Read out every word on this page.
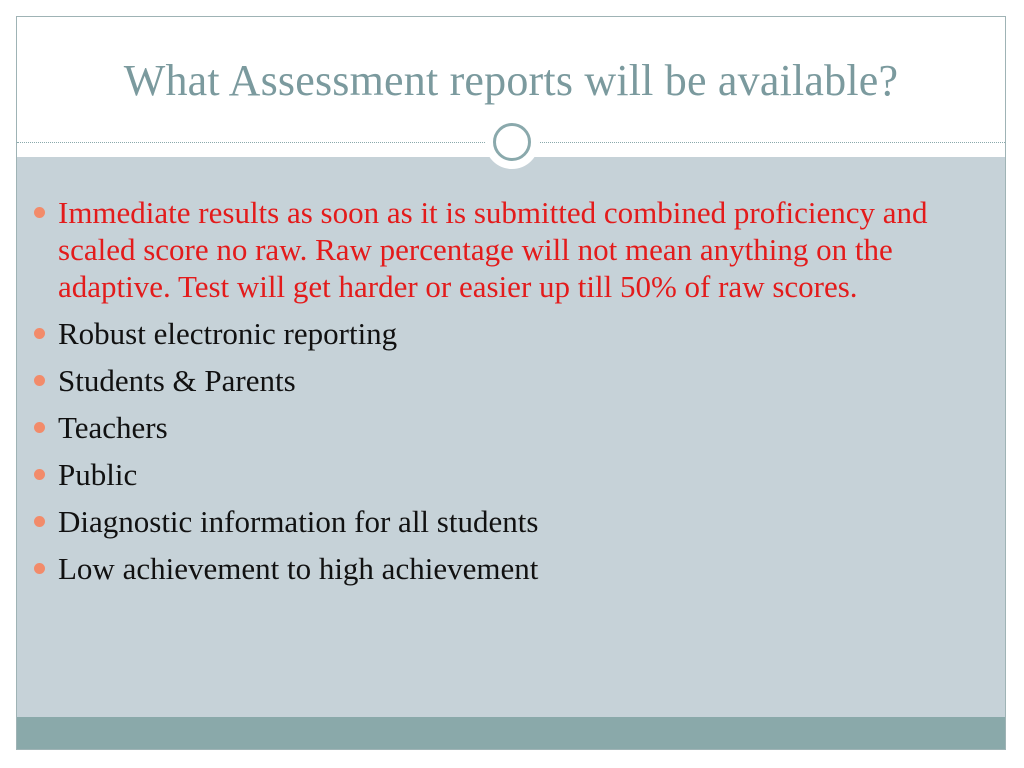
What Assessment reports will be available?
Immediate results as soon as it is submitted combined proficiency and scaled score no raw. Raw percentage will not mean anything on the adaptive. Test will get harder or easier up till 50% of raw scores.
Robust electronic reporting
Students & Parents
Teachers
Public
Diagnostic information for all students
Low achievement to high achievement
